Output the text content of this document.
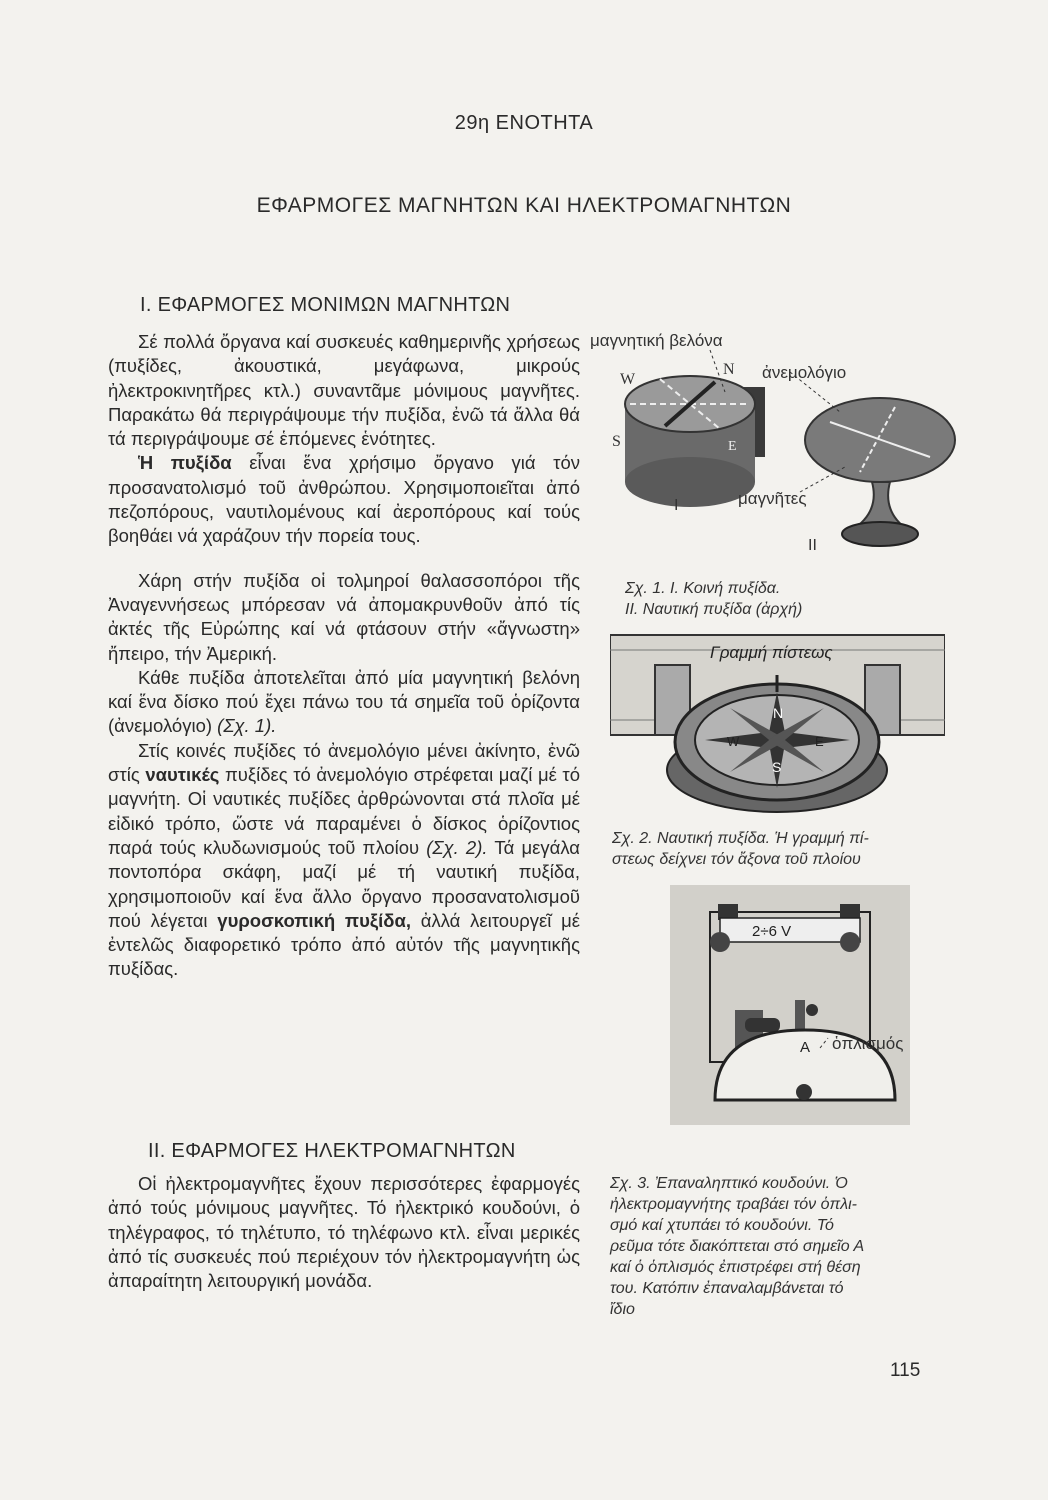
29η ΕΝΟΤΗΤΑ
ΕΦΑΡΜΟΓΕΣ ΜΑΓΝΗΤΩΝ ΚΑΙ ΗΛΕΚΤΡΟΜΑΓΝΗΤΩΝ
Ι. ΕΦΑΡΜΟΓΕΣ ΜΟΝΙΜΩΝ ΜΑΓΝΗΤΩΝ

Σέ πολλά ὄργανα καί συσκευές καθημερινῆς χρήσεως (πυξίδες, ἀκουστικά, μεγάφωνα, μικρούς ἠλεκτροκινητῆρες κτλ.) συναντᾶμε μόνιμους μαγνῆτες. Παρακάτω θά περιγράψουμε τήν πυξίδα, ἐνῶ τά ἄλλα θά τά περιγράψουμε σέ ἑπόμενες ἑνότητες.

Ἡ πυξίδα εἶναι ἕνα χρήσιμο ὄργανο γιά τόν προσανατολισμό τοῦ ἀνθρώπου. Χρησιμοποιεῖται ἀπό πεζοπόρους, ναυτιλομένους καί ἀεροπόρους καί τούς βοηθάει νά χαράζουν τήν πορεία τους.

Χάρη στήν πυξίδα οἱ τολμηροί θαλασσοπόροι τῆς Ἀναγεννήσεως μπόρεσαν νά ἀπομακρυνθοῦν ἀπό τίς ἀκτές τῆς Εὐρώπης καί νά φτάσουν στήν «ἄγνωστη» ἤπειρο, τήν Ἀμερική.

Κάθε πυξίδα ἀποτελεῖται ἀπό μία μαγνητική βελόνη καί ἕνα δίσκο πού ἔχει πάνω του τά σημεῖα τοῦ ὁρίζοντα (ἀνεμολόγιο) (Σχ. 1).

Στίς κοινές πυξίδες τό ἀνεμολόγιο μένει ἀκίνητο, ἐνῶ στίς ναυτικές πυξίδες τό ἀνεμολόγιο στρέφεται μαζί μέ τό μαγνήτη. Οἱ ναυτικές πυξίδες ἀρθρώνονται στά πλοῖα μέ εἰδικό τρόπο, ὥστε νά παραμένει ὁ δίσκος ὁρίζοντιος παρά τούς κλυδωνισμούς τοῦ πλοίου (Σχ. 2). Τά μεγάλα ποντοπόρα σκάφη, μαζί μέ τή ναυτική πυξίδα, χρησιμοποιοῦν καί ἕνα ἄλλο ὄργανο προσανατολισμοῦ πού λέγεται γυροσκοπική πυξίδα, ἀλλά λειτουργεῖ μέ ἐντελῶς διαφορετικό τρόπο ἀπό αὐτόν τῆς μαγνητικῆς πυξίδας.

ΙΙ. ΕΦΑΡΜΟΓΕΣ ΗΛΕΚΤΡΟΜΑΓΝΗΤΩΝ

Οἱ ἠλεκτρομαγνῆτες ἔχουν περισσότερες ἐφαρμογές ἀπό τούς μόνιμους μαγνῆτες. Τό ἠλεκτρικό κουδούνι, ὁ τηλέγραφος, τό τηλέτυπο, τό τηλέφωνο κτλ. εἶναι μερικές ἀπό τίς συσκευές πού περιέχουν τόν ἠλεκτρομαγνήτη ὡς ἀπαραίτητη λειτουργική μονάδα.

μαγνητική βελόνα
ἀνεμολόγιο
μαγνῆτες
W
N
S	E
I
II
Σχ. 1. Ι. Κοινή πυξίδα.
ΙΙ. Ναυτική πυξίδα (ἀρχή)
Γραμμή πίστεως
N
S
E
W
Σχ. 2. Ναυτική πυξίδα. Ἡ γραμμή πί-
στεως δείχνει τόν ἄξονα τοῦ πλοίου
2÷6 V
A ὁπλισμός
Σχ. 3. Ἐπαναληπτικό κουδούνι. Ὁ
ἠλεκτρομαγνήτης τραβάει τόν ὁπλι-
σμό καί χτυπάει τό κουδούνι. Τό
ρεῦμα τότε διακόπτεται στό σημεῖο Α
καί ὁ ὁπλισμός ἐπιστρέφει στή θέση
του. Κατόπιν ἐπαναλαμβάνεται τό
ἴδιο
115
